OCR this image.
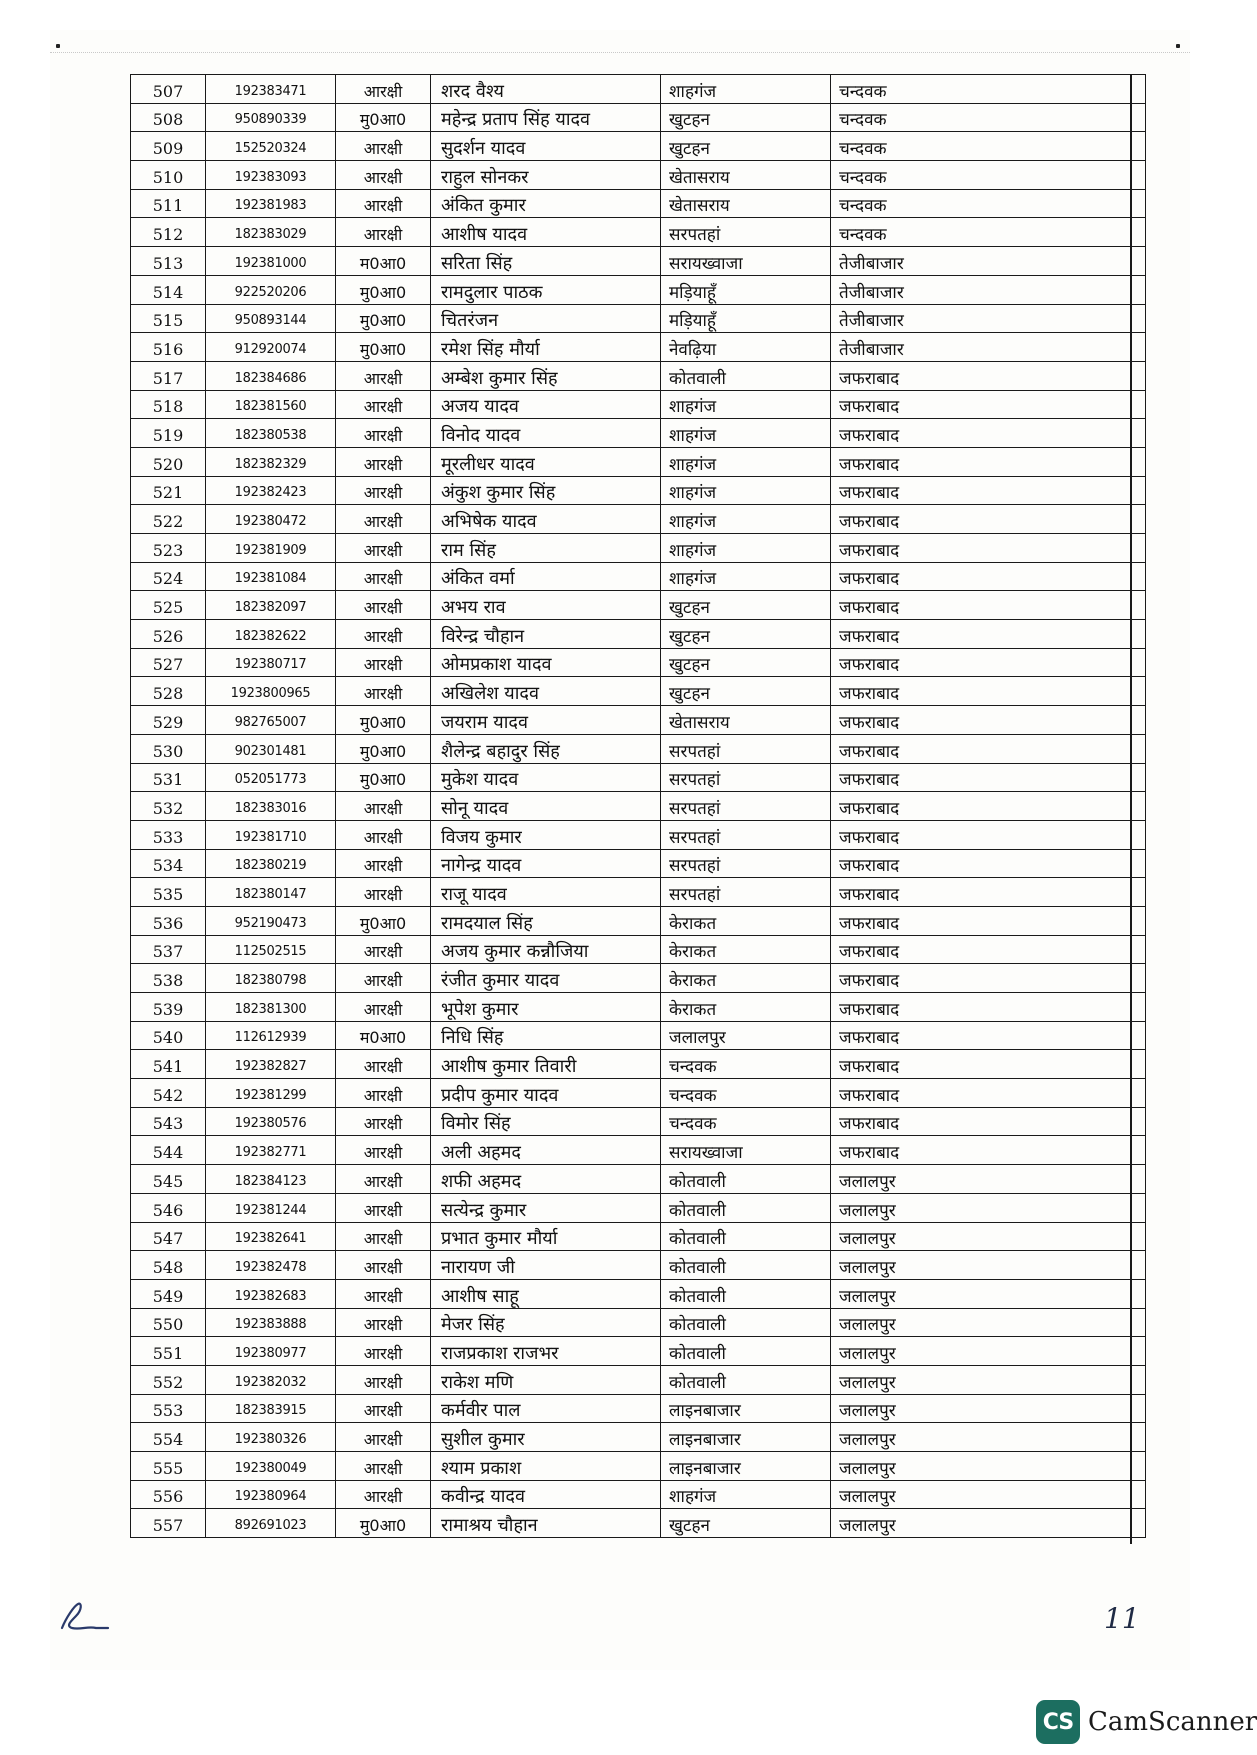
507	192383471	आरक्षी	शरद वैश्य	शाहगंज	चन्दवक
508	950890339	मु0आ0	महेन्द्र प्रताप सिंह यादव	खुटहन	चन्दवक
509	152520324	आरक्षी	सुदर्शन यादव	खुटहन	चन्दवक
510	192383093	आरक्षी	राहुल सोनकर	खेतासराय	चन्दवक
511	192381983	आरक्षी	अंकित कुमार	खेतासराय	चन्दवक
512	182383029	आरक्षी	आशीष यादव	सरपतहां	चन्दवक
513	192381000	म0आ0	सरिता सिंह	सरायख्वाजा	तेजीबाजार
514	922520206	मु0आ0	रामदुलार पाठक	मड़ियाहूँ	तेजीबाजार
515	950893144	मु0आ0	चितरंजन	मड़ियाहूँ	तेजीबाजार
516	912920074	मु0आ0	रमेश सिंह मौर्या	नेवढ़िया	तेजीबाजार
517	182384686	आरक्षी	अम्बेश कुमार सिंह	कोतवाली	जफराबाद
518	182381560	आरक्षी	अजय यादव	शाहगंज	जफराबाद
519	182380538	आरक्षी	विनोद यादव	शाहगंज	जफराबाद
520	182382329	आरक्षी	मूरलीधर यादव	शाहगंज	जफराबाद
521	192382423	आरक्षी	अंकुश कुमार सिंह	शाहगंज	जफराबाद
522	192380472	आरक्षी	अभिषेक यादव	शाहगंज	जफराबाद
523	192381909	आरक्षी	राम सिंह	शाहगंज	जफराबाद
524	192381084	आरक्षी	अंकित वर्मा	शाहगंज	जफराबाद
525	182382097	आरक्षी	अभय राव	खुटहन	जफराबाद
526	182382622	आरक्षी	विरेन्द्र चौहान	खुटहन	जफराबाद
527	192380717	आरक्षी	ओमप्रकाश यादव	खुटहन	जफराबाद
528	1923800965	आरक्षी	अखिलेश यादव	खुटहन	जफराबाद
529	982765007	मु0आ0	जयराम यादव	खेतासराय	जफराबाद
530	902301481	मु0आ0	शैलेन्द्र बहादुर सिंह	सरपतहां	जफराबाद
531	052051773	मु0आ0	मुकेश यादव	सरपतहां	जफराबाद
532	182383016	आरक्षी	सोनू यादव	सरपतहां	जफराबाद
533	192381710	आरक्षी	विजय कुमार	सरपतहां	जफराबाद
534	182380219	आरक्षी	नागेन्द्र यादव	सरपतहां	जफराबाद
535	182380147	आरक्षी	राजू यादव	सरपतहां	जफराबाद
536	952190473	मु0आ0	रामदयाल सिंह	केराकत	जफराबाद
537	112502515	आरक्षी	अजय कुमार कन्नौजिया	केराकत	जफराबाद
538	182380798	आरक्षी	रंजीत कुमार यादव	केराकत	जफराबाद
539	182381300	आरक्षी	भूपेश कुमार	केराकत	जफराबाद
540	112612939	म0आ0	निधि सिंह	जलालपुर	जफराबाद
541	192382827	आरक्षी	आशीष कुमार तिवारी	चन्दवक	जफराबाद
542	192381299	आरक्षी	प्रदीप कुमार यादव	चन्दवक	जफराबाद
543	192380576	आरक्षी	विमोर सिंह	चन्दवक	जफराबाद
544	192382771	आरक्षी	अली अहमद	सरायख्वाजा	जफराबाद
545	182384123	आरक्षी	शफी अहमद	कोतवाली	जलालपुर
546	192381244	आरक्षी	सत्येन्द्र कुमार	कोतवाली	जलालपुर
547	192382641	आरक्षी	प्रभात कुमार मौर्या	कोतवाली	जलालपुर
548	192382478	आरक्षी	नारायण जी	कोतवाली	जलालपुर
549	192382683	आरक्षी	आशीष साहू	कोतवाली	जलालपुर
550	192383888	आरक्षी	मेजर सिंह	कोतवाली	जलालपुर
551	192380977	आरक्षी	राजप्रकाश राजभर	कोतवाली	जलालपुर
552	192382032	आरक्षी	राकेश मणि	कोतवाली	जलालपुर
553	182383915	आरक्षी	कर्मवीर पाल	लाइनबाजार	जलालपुर
554	192380326	आरक्षी	सुशील कुमार	लाइनबाजार	जलालपुर
555	192380049	आरक्षी	श्याम प्रकाश	लाइनबाजार	जलालपुर
556	192380964	आरक्षी	कवीन्द्र यादव	शाहगंज	जलालपुर
557	892691023	मु0आ0	रामाश्रय चौहान	खुटहन	जलालपुर
11
CS CamScanner
